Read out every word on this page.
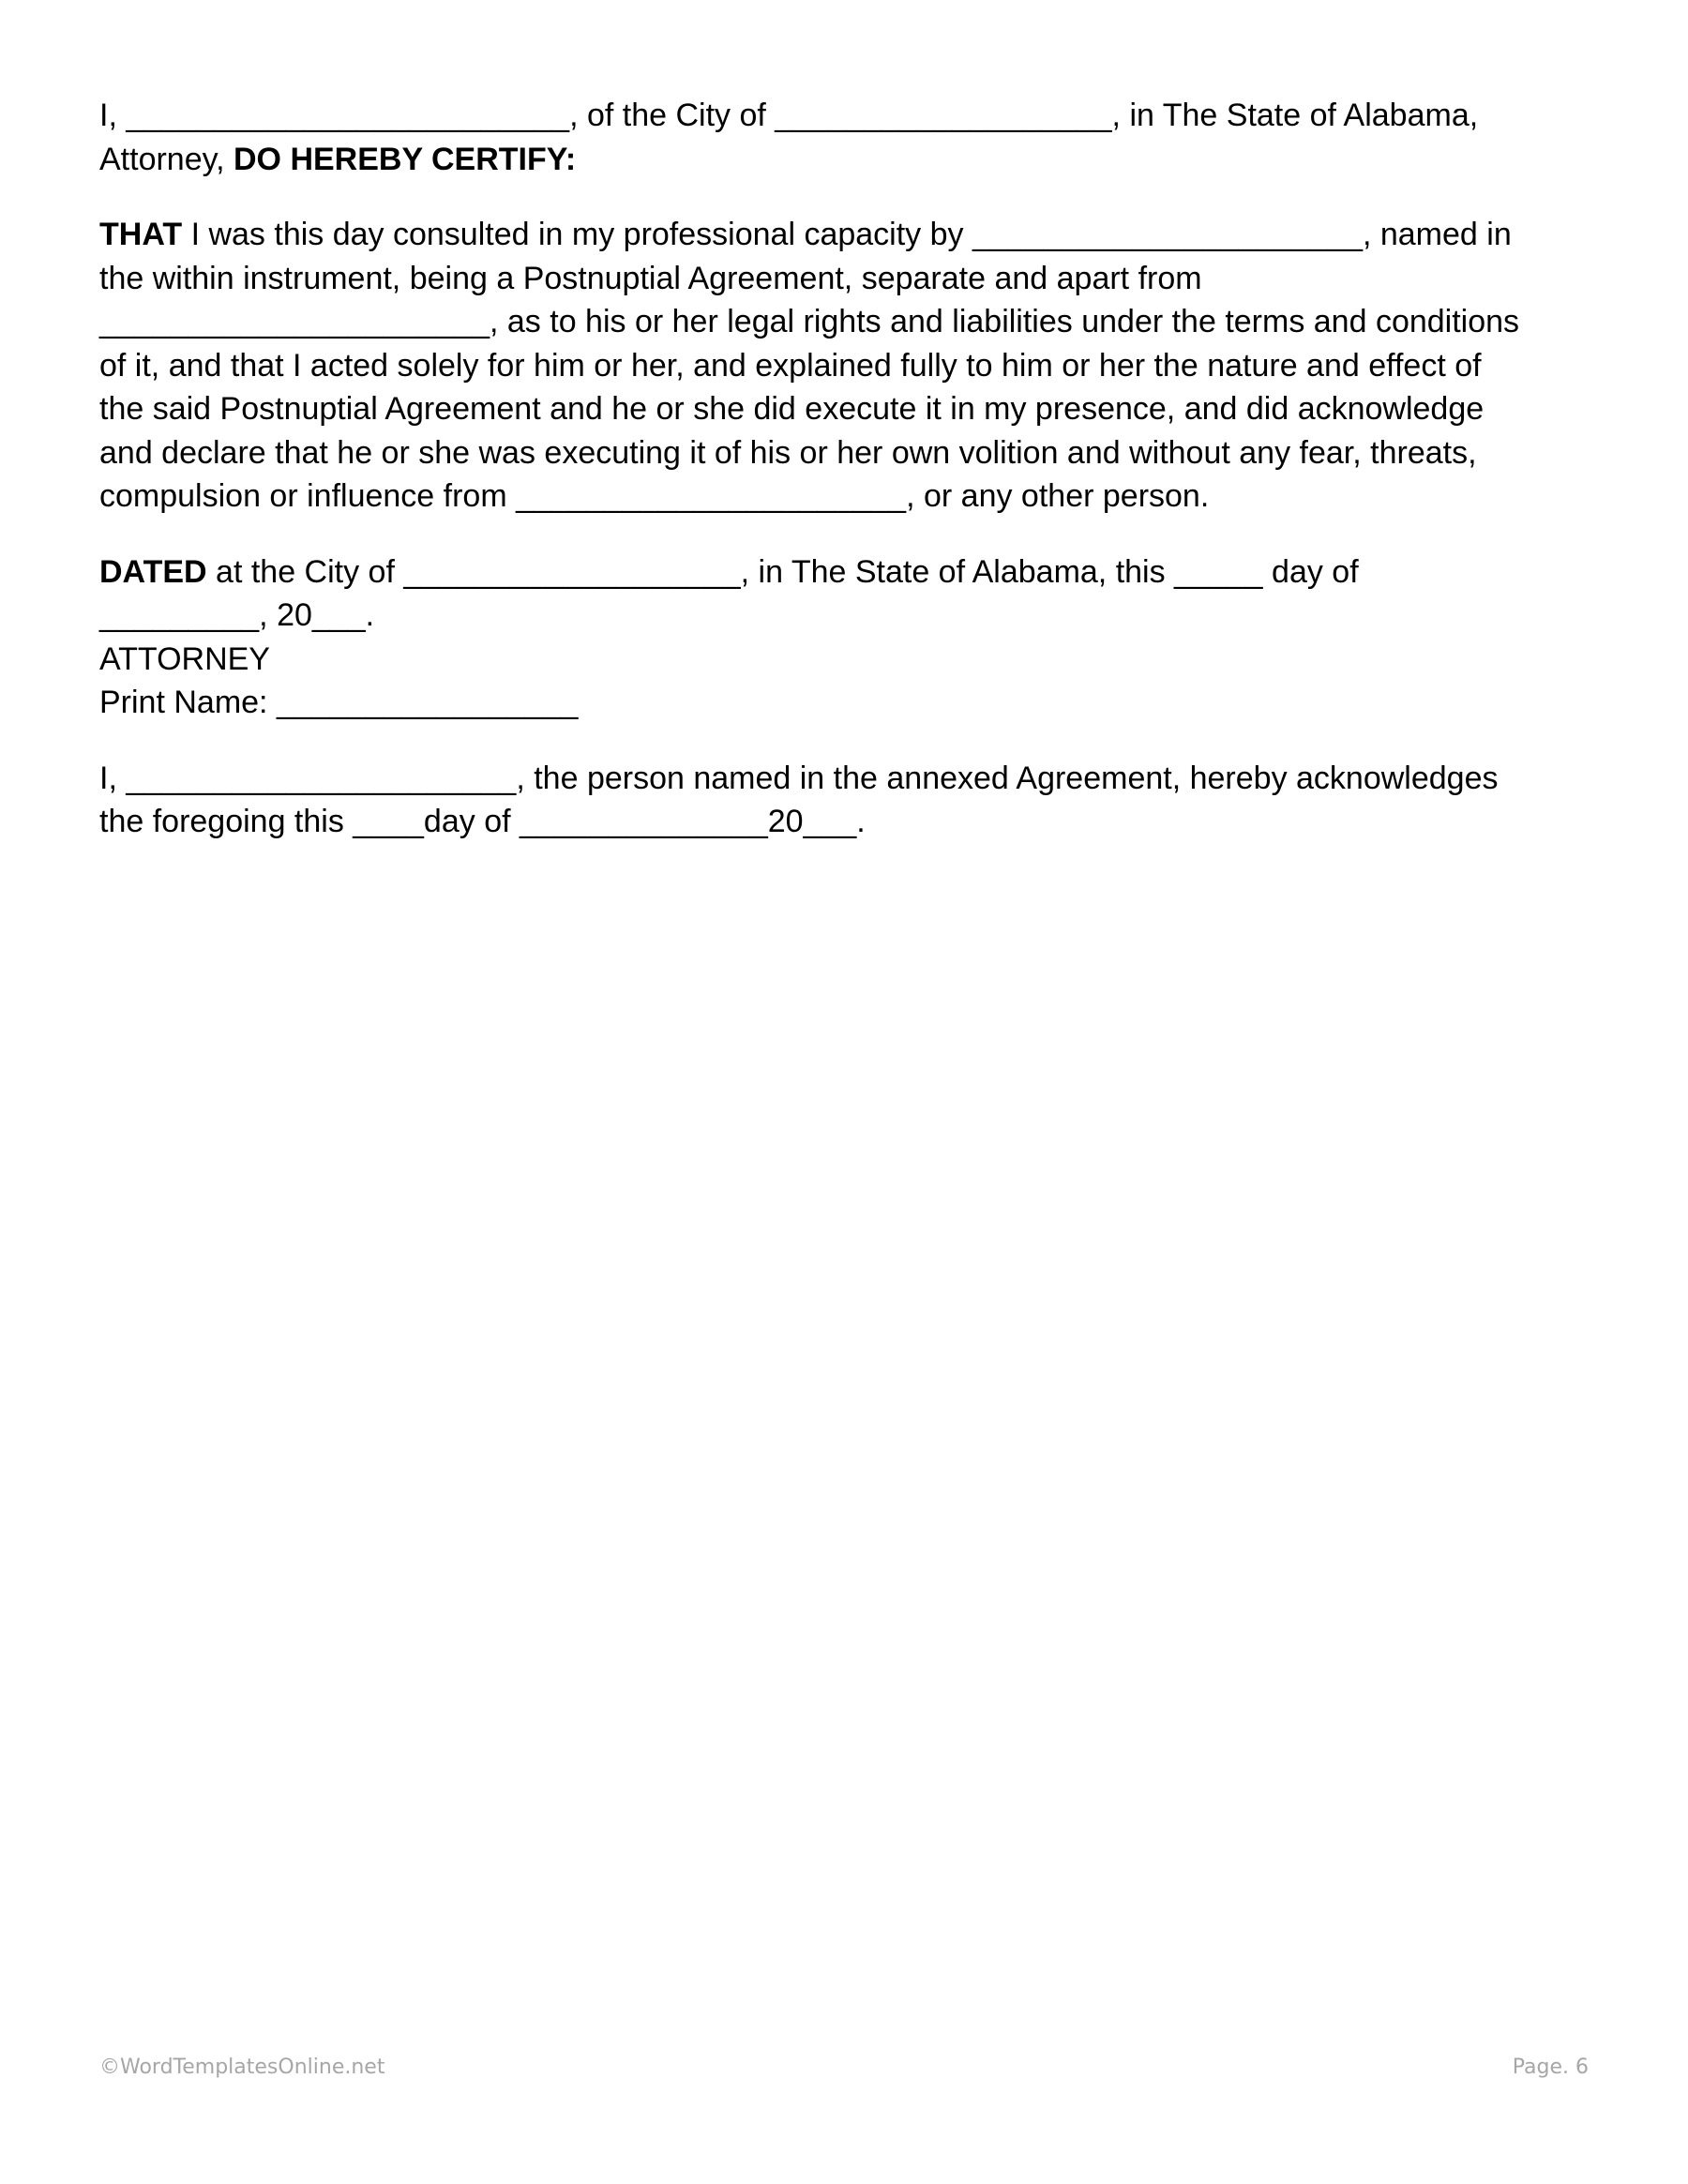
I, _________________________, of the City of ___________________, in The State of Alabama,
Attorney, DO HEREBY CERTIFY:
THAT I was this day consulted in my professional capacity by ______________________, named in
the within instrument, being a Postnuptial Agreement, separate and apart from
______________________, as to his or her legal rights and liabilities under the terms and conditions
of it, and that I acted solely for him or her, and explained fully to him or her the nature and effect of
the said Postnuptial Agreement and he or she did execute it in my presence, and did acknowledge
and declare that he or she was executing it of his or her own volition and without any fear, threats,
compulsion or influence from ______________________, or any other person.
DATED at the City of ___________________, in The State of Alabama, this _____ day of
_________, 20___.
ATTORNEY
Print Name: _________________
I, ______________________, the person named in the annexed Agreement, hereby acknowledges
the foregoing this ____day of ______________20___.
©WordTemplatesOnline.net	Page. 6
